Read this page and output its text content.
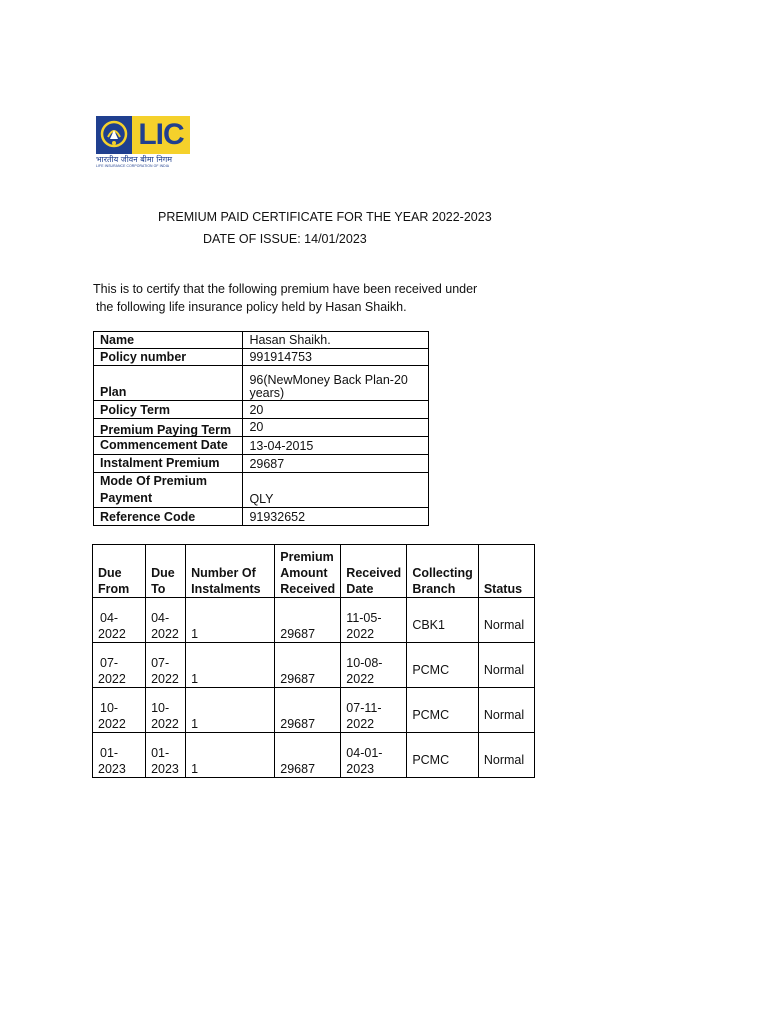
LIC
भारतीय जीवन बीमा निगम
LIFE INSURANCE CORPORATION OF INDIA
PREMIUM PAID CERTIFICATE FOR THE YEAR 2022-2023
DATE OF ISSUE: 14/01/2023
This is to certify that the following premium have been received under
the following life insurance policy held by Hasan Shaikh.
Name	Hasan Shaikh.
Policy number	991914753
Plan	96(NewMoney Back Plan-20 years)
Policy Term	20
Premium Paying Term	20
Commencement Date	13-04-2015
Instalment Premium	29687
Mode Of Premium Payment	QLY
Reference Code	91932652
Due From	Due To	Number Of Instalments	Premium Amount Received	Received Date	Collecting Branch	Status

04-
2022	04-
2022	1	29687	11-05-
2022	CBK1	Normal

07-
2022	07-
2022	1	29687	10-08-
2022	PCMC	Normal

10-
2022	10-
2022	1	29687	07-11-
2022	PCMC	Normal

01-
2023	01-
2023	1	29687	04-01-
2023	PCMC	Normal
